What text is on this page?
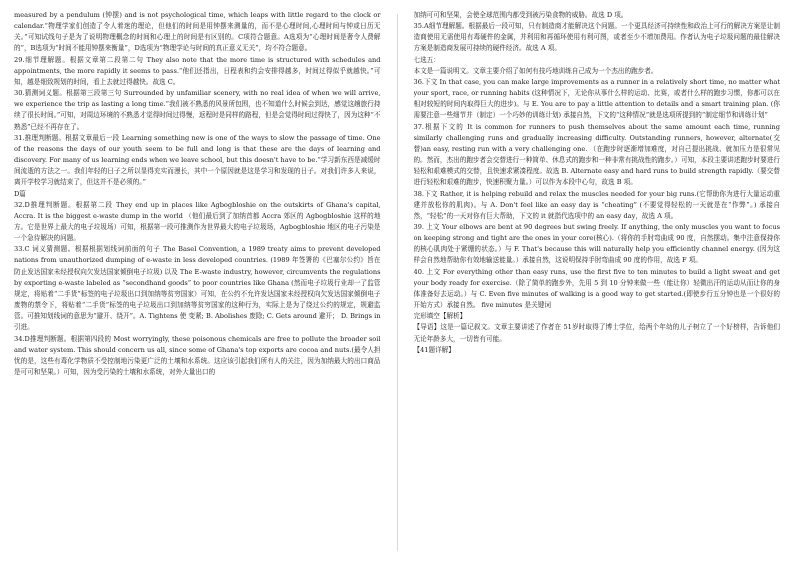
measured by a pendulum (钟摆) and is not psychological time, which leaps with little regard to the clock or calendar.“物理学家们创造了令人着迷的理论，但他们的时间是用钟摆来测量的，而不是心理时间,心理时间与钟或日历无关。”可知试线句子是为了说明物理概念的时间和心理上的时间是有区别的。C项符合题意。A选项为“心理时间是奢令人费解的”，B选项为“时间不能用钟摆来衡量”，D选项为“物理学论与时间的真正意义无关”，均不符合题意。

29.细节理解题。根据文章第二段第二句 They also note that the more time is structured with schedules and appointments, the more rapidly it seems to pass.“他们还指出，日程表和约会安排得越多，时间过得似乎就越快。”可知，越是细致规划的时间，看上去就过得越快。故选 C。

30.猜测词义题。根据第三段第三句 Surrounded by unfamiliar scenery, with no real idea of when we will arrive, we experience the trip as lasting a long time.“我们被不熟悉的风景所包围，也不知道什么时候会到达，感觉这趟旅行持续了很长时间。”可知，对周边环境的不熟悉才觉得时间过得慢，返程时是同样的路程，但是会觉得时间过得快了，因为这种“不熟悉”已经不再存在了。

31.推理判断题。根据文章最后一段 Learning something new is one of the ways to slow the passage of time. One of the reasons the days of our youth seem to be full and long is that these are the days of learning and discovery. For many of us learning ends when we leave school, but this doesn't have to be.“学习新东西是减缓时间流逝的方法之一。我们年轻的日子之所以显得充实而漫长，其中一个原因就是这是学习和发现的日子。对我们许多人来说，离开学校学习就结束了，但这并不是必须的。”

D篇

32.D推理判断题。根据第二段 They end up in places like Agbogbloshie on the outskirts of Ghana's capital, Accra. It is the biggest e-waste dump in the world （他们最后到了加纳首都 Accra 郊区的 Agbogbloshie 这样的地方。它是世界上最大的电子垃圾场）可知，根据第一段可推测作为世界最大的电子垃圾场，Agbogbloshie 地区的电子污染是一个急待解决的问题。

33.C 词义猜测题。根据根据划线词前面的句子 The Basel Convention, a 1989 treaty aims to prevent developed nations from unauthorized dumping of e-waste in less developed countries. (1989 年签署的《巴塞尔公约》旨在防止发达国家未经授权向欠发达国家倾倒电子垃圾) 以及 The E-waste industry, however, circumvents the regulations by exporting e-waste labeled as “secondhand goods” to poor countries like Ghana (然而电子垃圾行业却一了监管规定，将贴着“二手货”标签的电子垃圾出口到加纳等贫穷国家）可知，在公约不允许发达国家未经授权向欠发达国家倾倒电子废物的禁令下，将贴着“二手货”标签的电子垃圾出口到加纳等贫穷国家的这种行为，实际上是为了绕过公约的规定，规避监管。可推知划线词的意思为“避开、绕开”。A. Tightens 使 变紧; B. Abolishes 废除; C. Gets around 避开； D. Brings in 引进。

34.D推理判断题。根据第四段的 Most worryingly, these poisonous chemicals are free to pollute the broader soil and water system. This should concern us all, since some of Ghana's top exports are cocoa and nuts.(最令人担忧的是，这些有毒化学物质不受控制地污染更广泛的土壤和水系统。这应该引起我们所有人的关注，因为加纳最大的出口商品是可可和坚果。）可知，因为受污染的土壤和水系统，对外大量出口的

加纳可可和坚果，会使全球范围内都受到被污染食物的威胁。故选 D 项。

35.A细节理解题。根据最后一段可知，只有制造商才能解决这个问题。一个更具经济可持续性和政治上可行的解决方案是让制造商使用无需使用有毒硬件的金属，并利用和再循环使用有利可图，或者至少不增加费用。作者认为电子垃圾问题的最佳解决方案是制造商发展可持续的硬件经济。故选 A 项。

七选五：

本文是一篇说明文。文章主要介绍了如何有技巧地训练自己成为一个杰出的跑步者。

36.下文 In that case, you can make large improvements as a runner in a relatively short time, no matter what your sport, race, or running habits (这种情况下，无论你从事什么样的运动、比赛，或者什么样的跑步习惯，你都可以在相对较短的时间内取得巨大的进步)。与 E. You are to pay a little attention to details and a smart training plan. (你需要注意一些细节并（制定）一个巧妙的训练计划) 承接自然，下文的“这种情况”就是选项所提到的“制定细节和训练计划”

37.根据下文的 It is common for runners to push themselves about the same amount each time, running similarly challenging runs and gradually increasing difficulty. Outstanding runners, however, alternate(交替)an easy, resting run with a very challenging one. （在跑步时逐渐增加难度，对自己提出挑战、就加压力是很常见的。然而，杰出的跑步者会交替进行一种简单、休息式的跑步和一种非常有挑战性的跑步。）可知，本段主要讲述跑步时要进行轻松和艰难模式的交替，且快速求紧凑程度。故选 B. Alternate easy and hard runs to build strength rapidly.（要交替进行轻松和艰难的跑步，快速积聚力量。）可以作为本段中心句，故选 B 项。

38.下文 Rather, it is helping rebuild and relax the muscles needed for your big runs.(它帮助你为进行大量运动重建并放松你的肌肉)。与 A. Don't feel like an easy day is “cheating” (不要觉得轻松的一天就是在“作弊”。) 承接自然，“轻松”的一天对你有巨大帮助，下文的 it 就指代选项中的 an easy day，故选 A 项。

39. 上文 Your elbows are bent at 90 degrees but swing freely. If anything, the only muscles you want to focus on keeping strong and tight are the ones in your core(核心).（将你的手肘弯曲成 90 度，自然摆动。集中注意保持你的核心肌肉处于紧绷的状态。）与 F. That's because this will naturally help you efficiently channel energy. (因为这样会自然地帮助你有效地输送能量。）承接自然，这说明保持手肘弯曲成 90 度的作用，故选 F 项。

40. 上文 For everything other than easy runs, use the first five to ten minutes to build a light sweat and get your body ready for exercise.（除了简单的跑步外，先用 5 到 10 分钟来做一些（能让你）轻微出汗的运动从而让你的身体准备好去运动。）与 C. Even five minutes of walking is a good way to get started.(即使步行五分钟也是一个很好的开始方式）承接自然。 five minutes 是关键词

完形填空【解析】

【导语】这是一篇记叙文。文章主要讲述了作者在 51岁时取得了博士学位，给两个年幼的儿子树立了一个好榜样，告诉他们无论年龄多大，一切皆有可能。

【41题详解】
